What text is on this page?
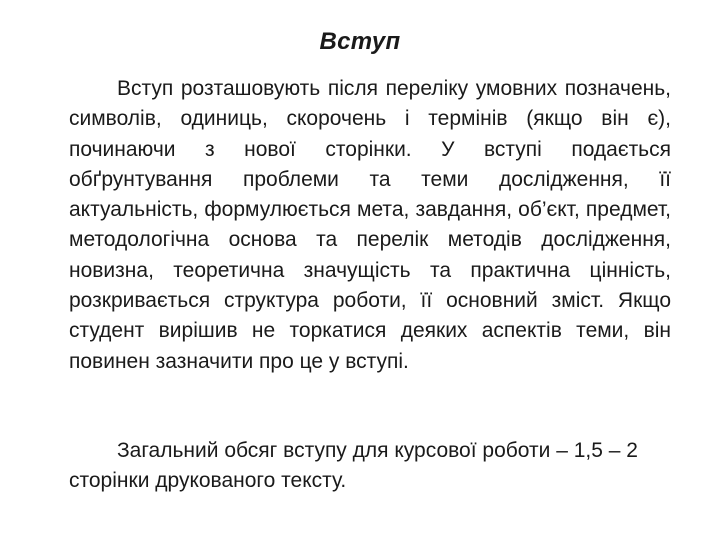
Вступ

Вступ розташовують після переліку умовних позначень, символів, одиниць, скорочень і термінів (якщо він є), починаючи з нової сторінки. У вступі подається обґрунтування проблеми та теми дослідження, її актуальність, формулюється мета, завдання, об’єкт, предмет, методологічна основа та перелік методів дослідження, новизна, теоретична значущість та практична цінність, розкривається структура роботи, її основний зміст. Якщо студент вирішив не торкатися деяких аспектів теми, він повинен зазначити про це у вступі.

Загальний обсяг вступу для курсової роботи – 1,5 – 2 сторінки друкованого тексту.
